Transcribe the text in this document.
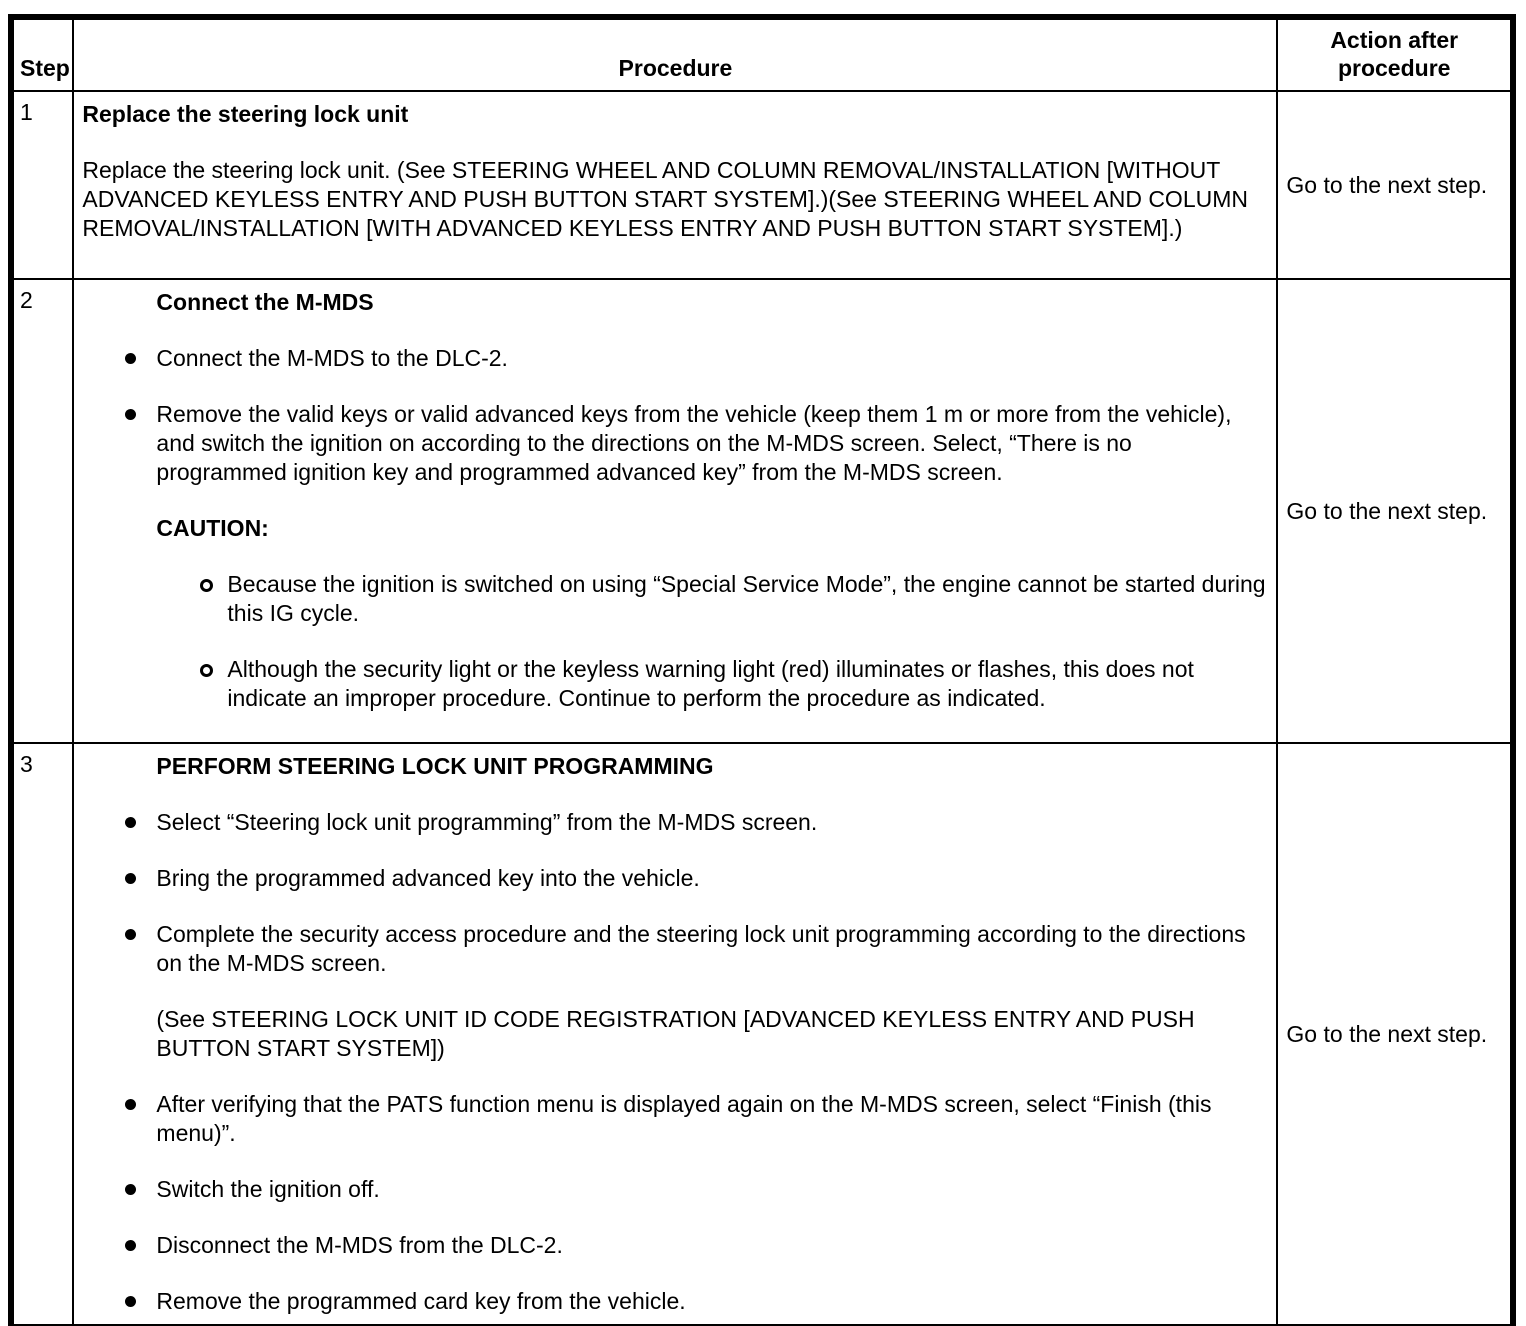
Step	Procedure	Action after procedure
1	Replace the steering lock unit
Replace the steering lock unit. (See STEERING WHEEL AND COLUMN REMOVAL/INSTALLATION [WITHOUT ADVANCED KEYLESS ENTRY AND PUSH BUTTON START SYSTEM].)(See STEERING WHEEL AND COLUMN REMOVAL/INSTALLATION [WITH ADVANCED KEYLESS ENTRY AND PUSH BUTTON START SYSTEM].)	Go to the next step.
2	Connect the M-MDS
Connect the M-MDS to the DLC-2.
Remove the valid keys or valid advanced keys from the vehicle (keep them 1 m or more from the vehicle), and switch the ignition on according to the directions on the M-MDS screen. Select, “There is no programmed ignition key and programmed advanced key” from the M-MDS screen.
CAUTION:
Because the ignition is switched on using “Special Service Mode”, the engine cannot be started during this IG cycle.
Although the security light or the keyless warning light (red) illuminates or flashes, this does not indicate an improper procedure. Continue to perform the procedure as indicated.
	Go to the next step.
3	PERFORM STEERING LOCK UNIT PROGRAMMING
Select “Steering lock unit programming” from the M-MDS screen.
Bring the programmed advanced key into the vehicle.
Complete the security access procedure and the steering lock unit programming according to the directions on the M-MDS screen.
(See STEERING LOCK UNIT ID CODE REGISTRATION [ADVANCED KEYLESS ENTRY AND PUSH BUTTON START SYSTEM])
After verifying that the PATS function menu is displayed again on the M-MDS screen, select “Finish (this menu)”.
Switch the ignition off.
Disconnect the M-MDS from the DLC-2.
Remove the programmed card key from the vehicle.
	Go to the next step.
